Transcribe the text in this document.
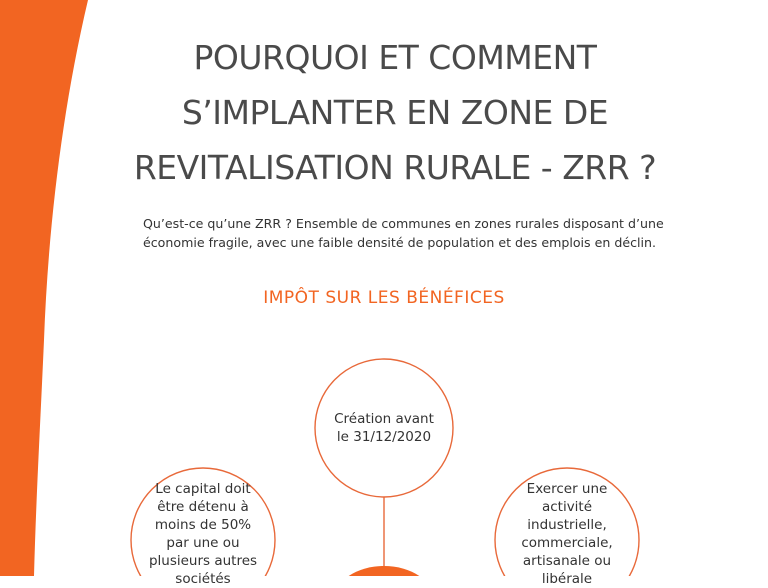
POURQUOI ET COMMENT
S’IMPLANTER EN ZONE DE
REVITALISATION RURALE - ZRR ?

Qu’est-ce qu’une ZRR ? Ensemble de communes en zones rurales disposant d’une
économie fragile, avec une faible densité de population et des emplois en déclin.

IMPÔT SUR LES BÉNÉFICES
Création avant
le 31/12/2020
Le capital doit
être détenu à
moins de 50%
par une ou
plusieurs autres
sociétés
Exercer une
activité
industrielle,
commerciale,
artisanale ou
libérale
